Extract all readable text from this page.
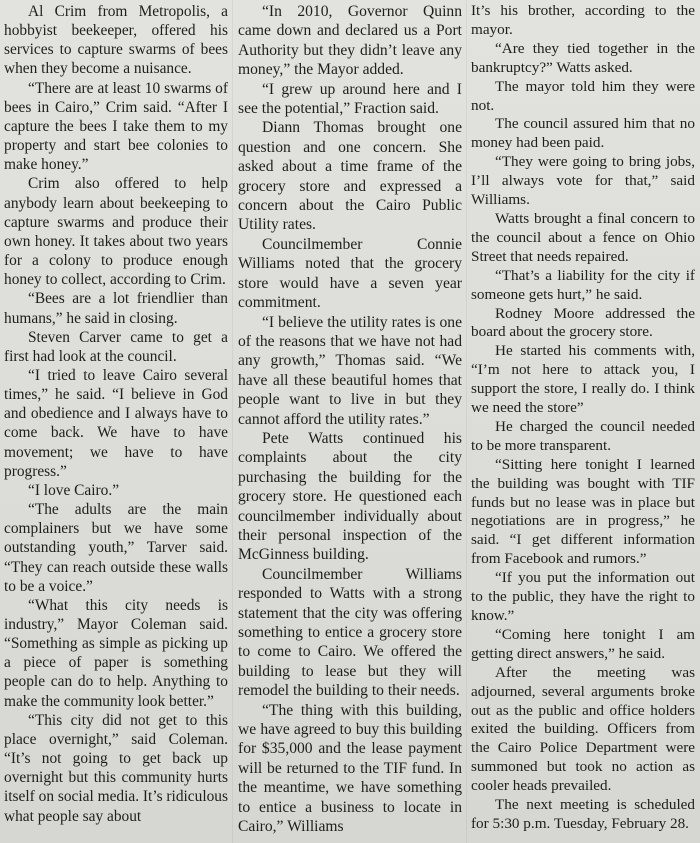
Al Crim from Metropolis, a hobbyist beekeeper, offered his services to capture swarms of bees when they become a nuisance.

“There are at least 10 swarms of bees in Cairo,” Crim said. “After I capture the bees I take them to my property and start bee colonies to make honey.”

Crim also offered to help anybody learn about beekeeping to capture swarms and produce their own honey. It takes about two years for a colony to produce enough honey to collect, according to Crim.

“Bees are a lot friendlier than humans,” he said in closing.

Steven Carver came to get a first had look at the council.

“I tried to leave Cairo several times,” he said. “I believe in God and obedience and I always have to come back. We have to have movement; we have to have progress.”

“I love Cairo.”

“The adults are the main complainers but we have some outstanding youth,” Tarver said. “They can reach outside these walls to be a voice.”

“What this city needs is industry,” Mayor Coleman said. “Something as simple as picking up a piece of paper is something people can do to help. Anything to make the community look better.”

“This city did not get to this place overnight,” said Coleman. “It’s not going to get back up overnight but this community hurts itself on social media. It’s ridiculous what people say about

“In 2010, Governor Quinn came down and declared us a Port Authority but they didn’t leave any money,” the Mayor added.

“I grew up around here and I see the potential,” Fraction said.

Diann Thomas brought one question and one concern. She asked about a time frame of the grocery store and expressed a concern about the Cairo Public Utility rates.

Councilmember Connie Williams noted that the grocery store would have a seven year commitment.

“I believe the utility rates is one of the reasons that we have not had any growth,” Thomas said. “We have all these beautiful homes that people want to live in but they cannot afford the utility rates.”

Pete Watts continued his complaints about the city purchasing the building for the grocery store. He questioned each councilmember individually about their personal inspection of the McGinness building.

Councilmember Williams responded to Watts with a strong statement that the city was offering something to entice a grocery store to come to Cairo. We offered the building to lease but they will remodel the building to their needs.

“The thing with this building, we have agreed to buy this building for $35,000 and the lease payment will be returned to the TIF fund. In the meantime, we have something to entice a business to locate in Cairo,” Williams

It’s his brother, according to the mayor.

“Are they tied together in the bankruptcy?” Watts asked.

The mayor told him they were not.

The council assured him that no money had been paid.

“They were going to bring jobs, I’ll always vote for that,” said Williams.

Watts brought a final concern to the council about a fence on Ohio Street that needs repaired.

“That’s a liability for the city if someone gets hurt,” he said.

Rodney Moore addressed the board about the grocery store.

He started his comments with, “I’m not here to attack you, I support the store, I really do. I think we need the store”

He charged the council needed to be more transparent.

“Sitting here tonight I learned the building was bought with TIF funds but no lease was in place but negotiations are in progress,” he said. “I get different information from Facebook and rumors.”

“If you put the information out to the public, they have the right to know.”

“Coming here tonight I am getting direct answers,” he said.

After the meeting was adjourned, several arguments broke out as the public and office holders exited the building. Officers from the Cairo Police Department were summoned but took no action as cooler heads prevailed.

The next meeting is scheduled for 5:30 p.m. Tuesday, February 28.
